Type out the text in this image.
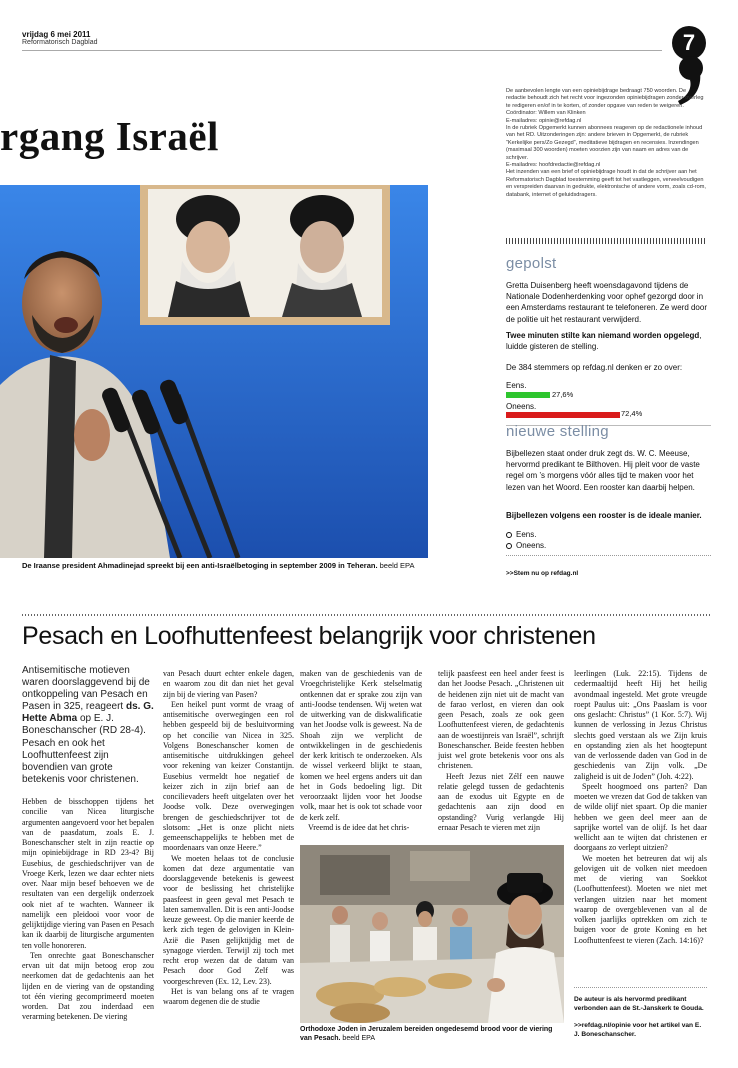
vrijdag 6 mei 2011
Reformatorisch Dagblad	7
rgang Israël

De aanbevolen lengte van een opiniebijdrage bedraagt 750 woorden. De redactie behoudt zich het recht voor ingezonden opiniebijdragen zonder overleg te redigeren en/of in te korten, of zonder opgave van reden te weigeren.

Coördinator: Willem van Klinken

E-mailadres: opinie@refdag.nl

In de rubriek Opgemerkt kunnen abonnees reageren op de redactionele inhoud van het RD. Uitzonderingen zijn: andere brieven in Opgemerkt, de rubriek “Kerkelijke pers/Zo Gezegd”, meditatieve bijdragen en recensies. Inzendingen (maximaal 300 woorden) moeten voorzien zijn van naam en adres van de schrijver.

E-mailadres: hoofdredactie@refdag.nl

Het inzenden van een brief of opiniebijdrage houdt in dat de schrijver aan het Reformatorisch Dagblad toestemming geeft tot het vastleggen, verveelvoudigen en verspreiden daarvan in gedrukte, elektronische of andere vorm, zoals cd-rom, databank, internet of geluidsdragers.

De Iraanse president Ahmadinejad spreekt bij een anti-Israëlbetoging in september 2009 in Teheran. beeld EPA
gepolst
Gretta Duisenberg heeft woensdagavond tijdens de Nationale Dodenherdenking voor ophef gezorgd door in een Amsterdams restaurant te telefoneren. Ze werd door de politie uit het restaurant verwijderd.
Twee minuten stilte kan niemand worden opgelegd, luidde gisteren de stelling.
De 384 stemmers op refdag.nl denken er zo over:
Eens.
27,6%
Oneens.
72,4%
nieuwe stelling
Bijbellezen staat onder druk zegt ds. W. C. Meeuse, hervormd predikant te Bilthoven. Hij pleit voor de vaste regel om ’s morgens vóór alles tijd te maken voor het lezen van het Woord. Een rooster kan daarbij helpen.
Bijbellezen volgens een rooster is de ideale manier.
Eens.
Oneens.
>>Stem nu op refdag.nl
Pesach en Loofhuttenfeest belangrijk voor christenen
Antisemitische motieven waren doorslaggevend bij de ontkoppeling van Pesach en Pasen in 325, reageert ds. G. Hette Abma op E. J. Boneschanscher (RD 28-4). Pesach en ook het Loofhuttenfeest zijn bovendien van grote betekenis voor christenen.

Hebben de bisschoppen tijdens het concilie van Nicea liturgische argumenten aangevoerd voor het bepalen van de paasdatum, zoals E. J. Boneschanscher stelt in zijn reactie op mijn opiniebijdrage in RD 23-4? Bij Eusebius, de geschiedschrijver van de Vroege Kerk, lezen we daar echter niets over. Naar mijn besef behoeven we de resultaten van een dergelijk onderzoek ook niet af te wachten. Wanneer ik namelijk een pleidooi voor voor de gelijktijdige viering van Pasen en Pesach kan ik daarbij de liturgische argumenten ten volle honoreren.

Ten onrechte gaat Boneschanscher ervan uit dat mijn betoog erop zou neerkomen dat de gedachtenis aan het lijden en de viering van de opstanding tot één viering gecomprimeerd moeten worden. Dat zou inderdaad een verarming betekenen. De viering

van Pesach duurt echter enkele dagen, en waarom zou dit dan niet het geval zijn bij de viering van Pasen?

Een heikel punt vormt de vraag of antisemitische overwegingen een rol hebben gespeeld bij de besluitvorming op het concilie van Nicea in 325. Volgens Boneschanscher komen de antisemitische uitdrukkingen geheel voor rekening van keizer Constantijn. Eusebius vermeldt hoe negatief de keizer zich in zijn brief aan de concilievaders heeft uitgelaten over het Joodse volk. Deze overwegingen brengen de geschiedschrijver tot de slotsom: „Het is onze plicht niets gemeenschappelijks te hebben met de moordenaars van onze Heere.”

We moeten helaas tot de conclusie komen dat deze argumentatie van doorslaggevende betekenis is geweest voor de beslissing het christelijke paasfeest in geen geval met Pesach te laten samenvallen. Dit is een anti-Joodse keuze geweest. Op die manier keerde de kerk zich tegen de gelovigen in Klein-Azië die Pasen gelijktijdig met de synagoge vierden. Terwijl zij toch met recht erop wezen dat de datum van Pesach door God Zelf was voorgeschreven (Ex. 12, Lev. 23).

Het is van belang ons af te vragen waarom degenen die de studie

maken van de geschiedenis van de Vroegchristelijke Kerk stelselmatig ontkennen dat er sprake zou zijn van anti-Joodse tendensen. Wij weten wat de uitwerking van de diskwalificatie van het Joodse volk is geweest. Na de Shoah zijn we verplicht de ontwikkelingen in de geschiedenis der kerk kritisch te onderzoeken. Als de wissel verkeerd blijkt te staan, komen we heel ergens anders uit dan het in Gods bedoeling ligt. Dit veroorzaakt lijden voor het Joodse volk, maar het is ook tot schade voor de kerk zelf.

Vreemd is de idee dat het chris-

telijk paasfeest een heel ander feest is dan het Joodse Pesach. „Christenen uit de heidenen zijn niet uit de macht van de farao verlost, en vieren dan ook geen Pesach, zoals ze ook geen Loofhuttenfeest vieren, de gedachtenis aan de woestijnreis van Israël”, schrijft Boneschanscher. Beide feesten hebben juist wel grote betekenis voor ons als christenen.

Heeft Jezus niet Zélf een nauwe relatie gelegd tussen de gedachtenis aan de exodus uit Egypte en de gedachtenis aan zijn dood en opstanding? Vurig verlangde Hij ernaar Pesach te vieren met zijn

leerlingen (Luk. 22:15). Tijdens de cedermaaltijd heeft Hij het heilig avondmaal ingesteld. Met grote vreugde roept Paulus uit: „Ons Paaslam is voor ons geslacht: Christus” (1 Kor. 5:7). Wij kunnen de verlossing in Jezus Christus slechts goed verstaan als we Zijn kruis en opstanding zien als het hoogtepunt van de verlossende daden van God in de geschiedenis van Zijn volk. „De zaligheid is uit de Joden” (Joh. 4:22).

Speelt hoogmoed ons parten? Dan moeten we vrezen dat God de takken van de wilde olijf niet spaart. Op die manier hebben we geen deel meer aan de saprijke wortel van de olijf. Is het daar wellicht aan te wijten dat christenen er doorgaans zo verlept uitzien?

We moeten het betreuren dat wij als gelovigen uit de volken niet meedoen met de viering van Soekkot (Loofhuttenfeest). Moeten we niet met verlangen uitzien naar het moment waarop de overgeblevenen van al de volken jaarlijks optrekken om zich te buigen voor de grote Koning en het Loofhuttenfeest te vieren (Zach. 14:16)?

Orthodoxe Joden in Jeruzalem bereiden ongedesemd brood voor de viering van Pesach. beeld EPA
De auteur is als hervormd predikant verbonden aan de St.-Janskerk te Gouda.
>>refdag.nl/opinie voor het artikel van E. J. Boneschanscher.
